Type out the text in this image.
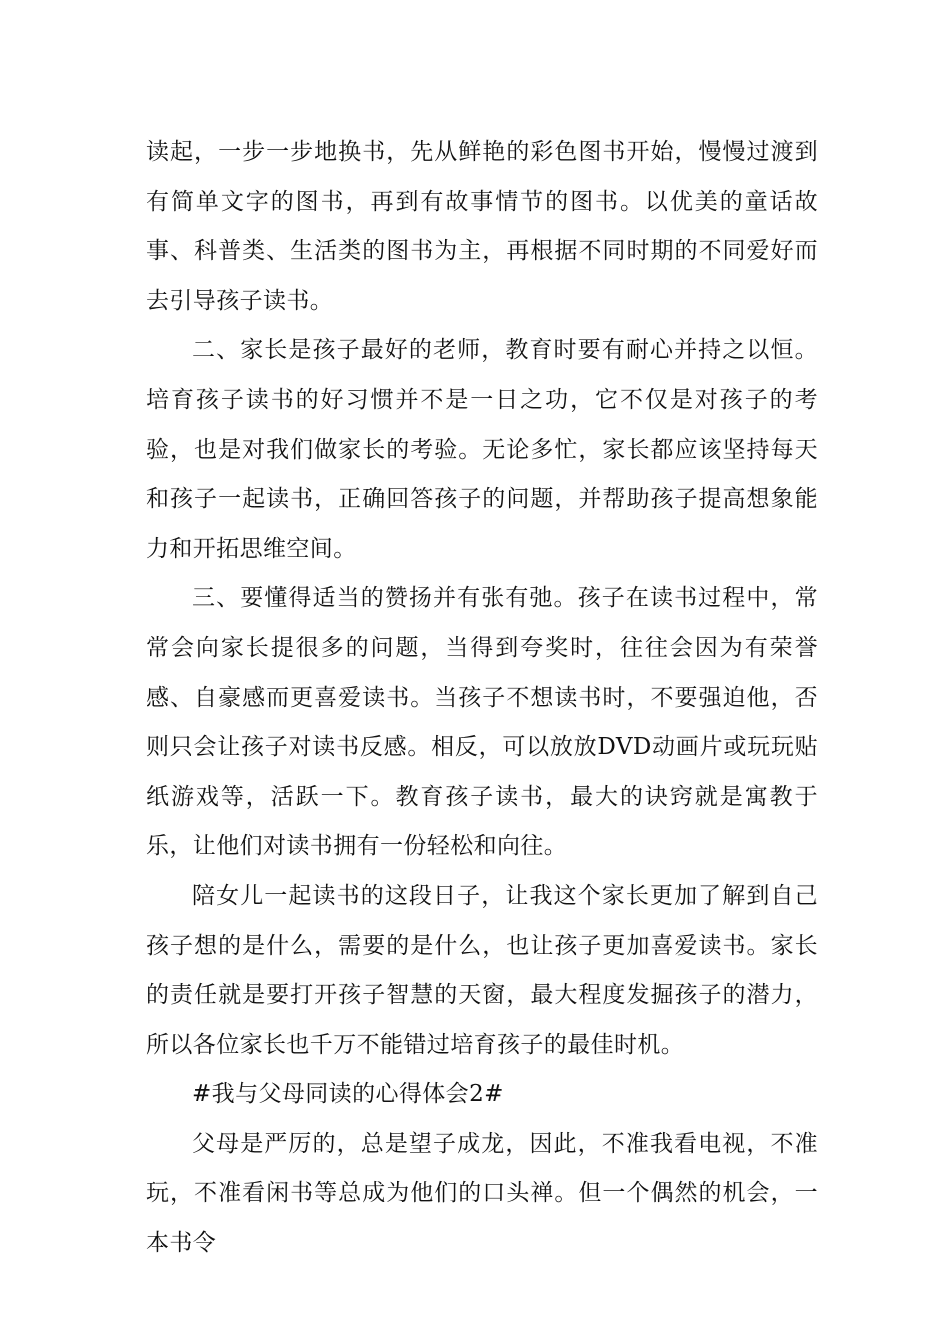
读起，一步一步地换书，先从鲜艳的彩色图书开始，慢慢过渡到有简单文字的图书，再到有故事情节的图书。以优美的童话故事、科普类、生活类的图书为主，再根据不同时期的不同爱好而去引导孩子读书。

二、家长是孩子最好的老师，教育时要有耐心并持之以恒。培育孩子读书的好习惯并不是一日之功，它不仅是对孩子的考验，也是对我们做家长的考验。无论多忙，家长都应该坚持每天和孩子一起读书，正确回答孩子的问题，并帮助孩子提高想象能力和开拓思维空间。

三、要懂得适当的赞扬并有张有弛。孩子在读书过程中，常常会向家长提很多的问题，当得到夸奖时，往往会因为有荣誉感、自豪感而更喜爱读书。当孩子不想读书时，不要强迫他，否则只会让孩子对读书反感。相反，可以放放DVD动画片或玩玩贴纸游戏等，活跃一下。教育孩子读书，最大的诀窍就是寓教于乐，让他们对读书拥有一份轻松和向往。

陪女儿一起读书的这段日子，让我这个家长更加了解到自己孩子想的是什么，需要的是什么，也让孩子更加喜爱读书。家长的责任就是要打开孩子智慧的天窗，最大程度发掘孩子的潜力，所以各位家长也千万不能错过培育孩子的最佳时机。

#我与父母同读的心得体会2#

父母是严厉的，总是望子成龙，因此，不准我看电视，不准玩，不准看闲书等总成为他们的口头禅。但一个偶然的机会，一本书令
